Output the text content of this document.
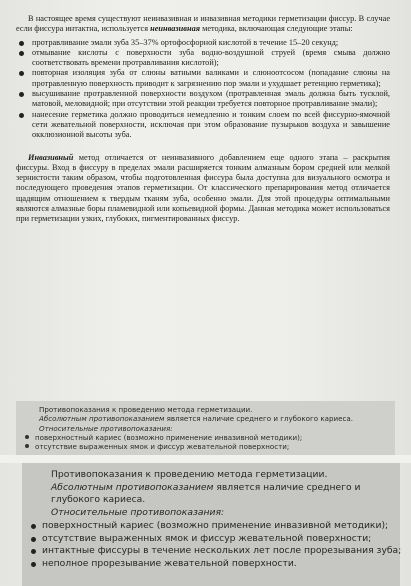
В настоящее время существуют неинвазивная и инвазивная методики герметизации фиссур. В случае если фиссура интактна, используется неинвазивная методика, включающая следующие этапы:

протравливание эмали зуба 35–37% ортофосфорной кислотой в течение 15–20 секунд;
отмывание кислоты с поверхности зуба водно-воздушной струей (время смыва должно соответствовать времени протравливания кислотой);
повторная изоляция зуба от слюны ватными валиками и слюноотсосом (попадание слюны на протравленную поверхность приводит к загрязнению пор эмали и ухудшает ретенцию герметика);
высушивание протравленной поверхности воздухом (протравленная эмаль должна быть тусклой, матовой, меловидной; при отсутствии этой реакции требуется повторное протравливание эмали);
нанесение герметика должно проводиться немедленно и тонким слоем по всей фиссурно-ямочной сети жевательной поверхности, исключая при этом образование пузырьков воздуха и завышение окклюзионной высоты зуба.

Инвазивный метод отличается от неинвазивного добавлением еще одного этапа – раскрытия фиссуры. Вход в фиссуру в пределах эмали расширяется тонким алмазным бором средней или мелкой зернистости таким образом, чтобы подготовленная фиссура была доступна для визуального осмотра и последующего проведения этапов герметизации. От классического препарирования метод отличается щадящим отношением к твердым тканям зуба, особенно эмали. Для этой процедуры оптимальными являются алмазные боры пламевидной или копьевидной формы. Данная методика может использоваться при герметизации узких, глубоких, пигментированных фиссур.

Противопоказания к проведению метода герметизации.
Абсолютным противопоказанием является наличие среднего и глубокого кариеса.
Относительные противопоказания:
поверхностный кариес (возможно применение инвазивной методики);
отсутствие выраженных ямок и фиссур жевательной поверхности;
Противопоказания к проведению метода герметизации.
Абсолютным противопоказанием является наличие среднего и глубокого кариеса.
Относительные противопоказания:
поверхностный кариес (возможно применение инвазивной методики);
отсутствие выраженных ямок и фиссур жевательной поверхности;
интактные фиссуры в течение нескольких лет после прорезывания зуба;
неполное прорезывание жевательной поверхности.
